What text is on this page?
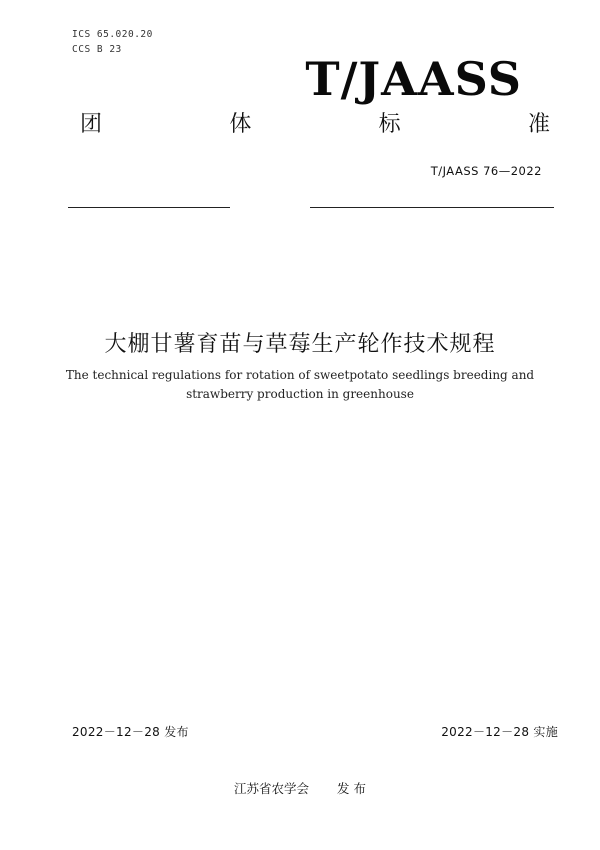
ICS 65.020.20
CCS B 23
T/JAASS
团	体	标	准
T/JAASS 76—2022
大棚甘薯育苗与草莓生产轮作技术规程
The technical regulations for rotation of sweetpotato seedlings breeding and strawberry production in greenhouse
2022－12－28 发布	2022－12－28 实施
江苏省农学会 发 布
